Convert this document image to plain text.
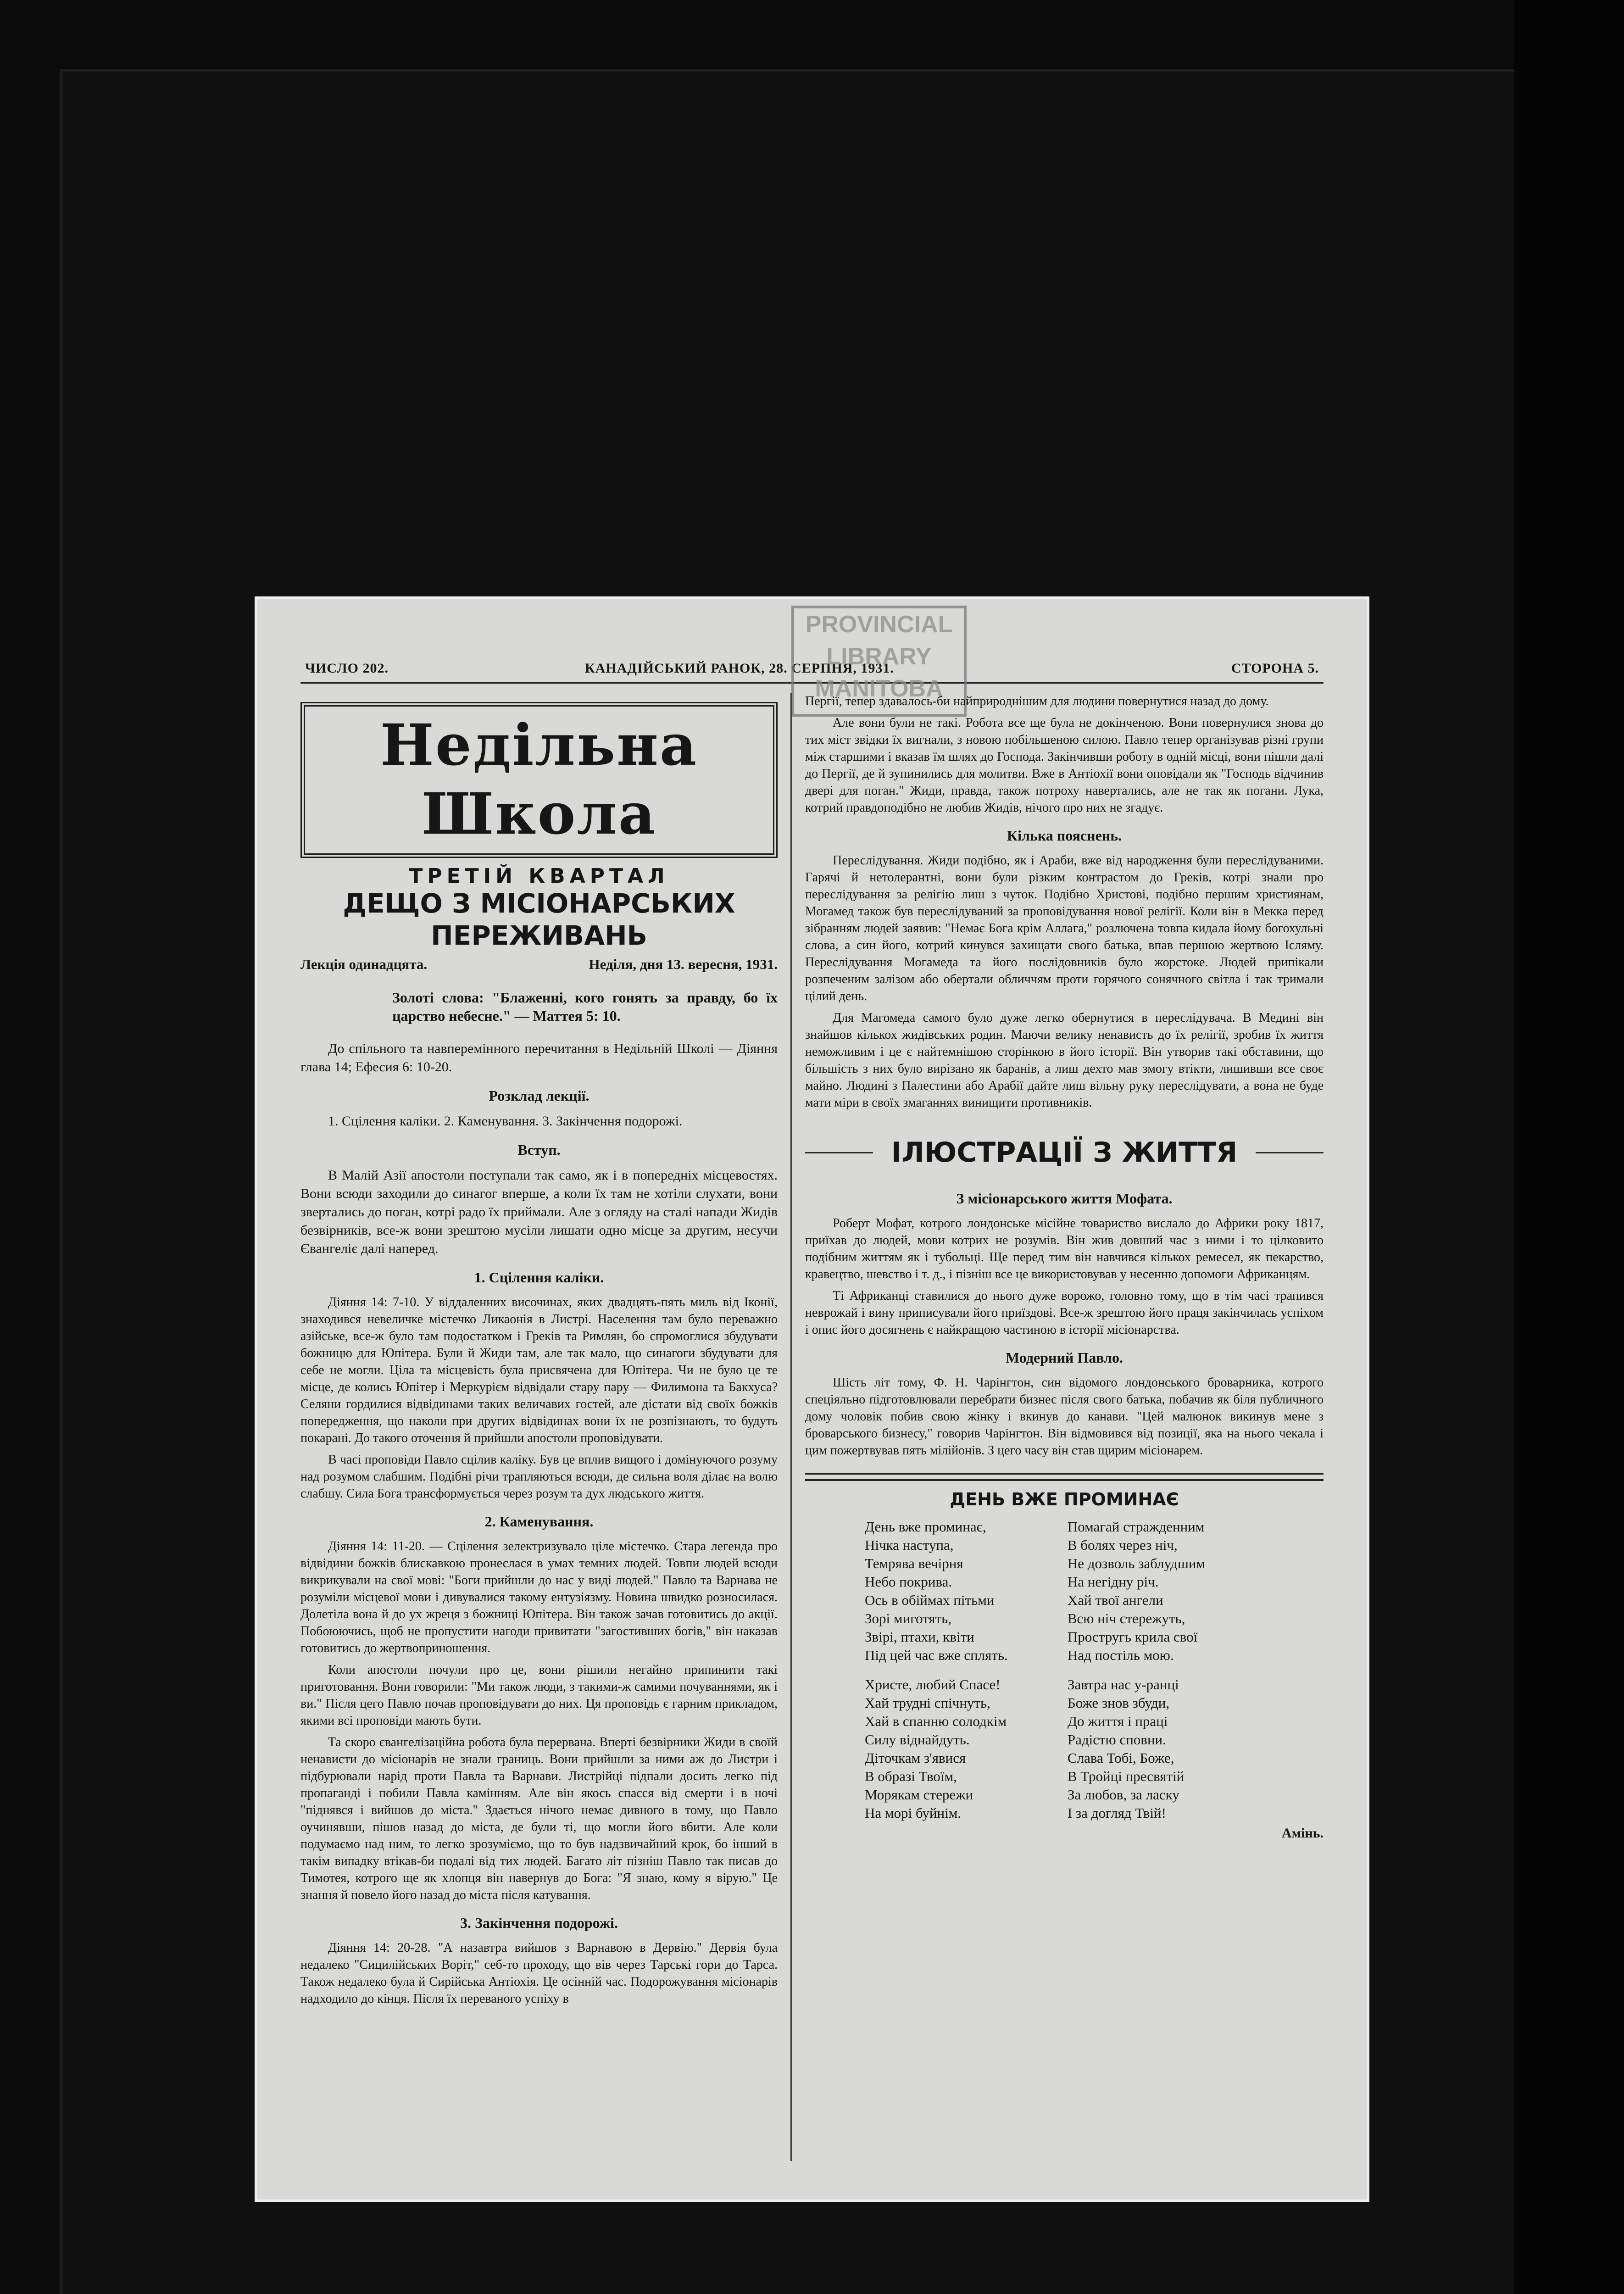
ЧИСЛО 202.	КАНАДІЙСЬКИЙ РАНОК, 28. СЕРПНЯ, 1931.	СТОРОНА 5.
PROVINCIAL
LIBRARY
MANITOBA
Недільна Школа
ТРЕТІЙ КВАРТАЛ
ДЕЩО З МІСІОНАРСЬКИХ ПЕРЕЖИВАНЬ
Лекція одинадцята.	Неділя, дня 13. вересня, 1931.

Золоті слова: "Блаженні, кого гонять за правду, бо їх царство небесне." — Маттея 5: 10.

До спільного та навперемінного перечитання в Недільній Школі — Діяння глава 14; Ефесия 6: 10-20.

Розклад лекції.

1. Сцілення каліки. 2. Каменування. 3. Закінчення подорожі.

Вступ.

В Малій Азії апостоли поступали так само, як і в попередніх місцевостях. Вони всюди заходили до синагог вперше, а коли їх там не хотіли слухати, вони звертались до поган, котрі радо їх приймали. Але з огляду на сталі напади Жидів безвірників, все-ж вони зрештою мусіли лишати одно місце за другим, несучи Євангеліє далі наперед.

1. Сцілення каліки.

Діяння 14: 7-10. У віддаленних височинах, яких двадцять-пять миль від Іконії, знаходився невеличке містечко Ликаонія в Листрі. Населення там було переважно азійське, все-ж було там подостатком і Греків та Римлян, бо спромоглися збудувати божницю для Юпітера. Були й Жиди там, але так мало, що синагоги збудувати для себе не могли. Ціла та місцевість була присвячена для Юпітера. Чи не було це те місце, де колись Юпітер і Меркурієм відвідали стару пару — Филимона та Бакхуса? Селяни гордилися відвідинами таких величавих гостей, але дістати від своїх божків попередження, що наколи при других відвідинах вони їх не розпізнають, то будуть покарані. До такого оточення й прийшли апостоли проповідувати.

В часі проповіди Павло сцілив каліку. Був це вплив вищого і домінуючого розуму над розумом слабшим. Подібні річи трапляються всюди, де сильна воля ділає на волю слабшу. Сила Бога трансформується через розум та дух людського життя.

2. Каменування.

Діяння 14: 11-20. — Сцілення зелектризувало ціле містечко. Стара легенда про відвідини божків блискавкою пронеслася в умах темних людей. Товпи людей всюди викрикували на свої мові: "Боги прийшли до нас у виді людей." Павло та Варнава не розуміли місцевої мови і дивувалися такому ентузіязму. Новина швидко розносилася. Долетіла вона й до ух жреця з божниці Юпітера. Він також зачав готовитись до акції. Побоюючись, щоб не пропустити нагоди привитати "загостивших богів," він наказав готовитись до жертвоприношення.

Коли апостоли почули про це, вони рішили негайно припинити такі приготовання. Вони говорили: "Ми також люди, з такими-ж самими почуваннями, як і ви." Після цего Павло почав проповідувати до них. Ця проповідь є гарним прикладом, якими всі проповіди мають бути.

Та скоро євангелізаційна робота була перервана. Вперті безвірники Жиди в своїй ненависти до місіонарів не знали границь. Вони прийшли за ними аж до Листри і підбурювали нарід проти Павла та Варнави. Листрійці підпали досить легко під пропаганді і побили Павла камінням. Але він якось спасся від смерти і в ночі "піднявся і вийшов до міста." Здається нічого немає дивного в тому, що Павло оучинявши, пішов назад до міста, де були ті, що могли його вбити. Але коли подумаємо над ним, то легко зрозуміємо, що то був надзвичайний крок, бо інший в такім випадку втікав-би подалі від тих людей. Багато літ пізніш Павло так писав до Тимотея, котрого ще як хлопця він навернув до Бога: "Я знаю, кому я вірую." Це знання й повело його назад до міста після катування.

3. Закінчення подорожі.

Діяння 14: 20-28. "А назавтра вийшов з Варнавою в Дервію." Дервія була недалеко "Сицилійських Воріт," себ-то проходу, що вів через Тарські гори до Тарса. Також недалеко була й Сирійська Антіохія. Це осінній час. Подорожування місіонарів надходило до кінця. Після їх переваного успіху в

Пергії, тепер здавалось-би найприроднішим для людини повернутися назад до дому.

Але вони були не такі. Робота все ще була не докінченою. Вони повернулися знова до тих міст звідки їх вигнали, з новою побільшеною силою. Павло тепер організував різні групи між старшими і вказав їм шлях до Господа. Закінчивши роботу в одній місці, вони пішли далі до Пергії, де й зупинились для молитви. Вже в Антіохії вони оповідали як "Господь відчинив двері для поган." Жиди, правда, також потроху навертались, але не так як погани. Лука, котрий правдоподібно не любив Жидів, нічого про них не згадує.

Кілька пояснень.

Переслідування. Жиди подібно, як і Араби, вже від народження були переслідуваними. Гарячі й нетолерантні, вони були різким контрастом до Греків, котрі знали про переслідування за релігію лиш з чуток. Подібно Христові, подібно першим християнам, Могамед також був переслідуваний за проповідування нової релігії. Коли він в Мекка перед зібранням людей заявив: "Немає Бога крім Аллага," розлючена товпа кидала йому богохульні слова, а син його, котрий кинувся захищати свого батька, впав першою жертвою Ісляму. Переслідування Могамеда та його послідовників було жорстоке. Людей припікали розпеченим залізом або обертали обличчям проти горячого сонячного світла і так тримали цілий день.

Для Магомеда самого було дуже легко обернутися в переслідувача. В Медині він знайшов кількох жидівських родин. Маючи велику ненависть до їх релігії, зробив їх життя неможливим і це є найтемнішою сторінкою в його історії. Він утворив такі обставини, що більшість з них було вирізано як баранів, а лиш дехто мав змогу втікти, лишивши все своє майно. Людині з Палестини або Арабії дайте лиш вільну руку переслідувати, а вона не буде мати міри в своїх змаганнях винищити противників.

ІЛЮСТРАЦІЇ З ЖИТТЯ
З місіонарського життя Мофата.

Роберт Мофат, котрого лондонське місійне товариство вислало до Африки року 1817, приїхав до людей, мови котрих не розумів. Він жив довший час з ними і то цілковито подібним життям як і тубольці. Ще перед тим він навчився кількох ремесел, як пекарство, кравецтво, шевство і т. д., і пізніш все це використовував у несенню допомоги Африканцям.

Ті Африканці ставилися до нього дуже ворожо, головно тому, що в тім часі трапився неврожай і вину приписували його приїздові. Все-ж зрештою його праця закінчилась успіхом і опис його досягнень є найкращою частиною в історії місіонарства.

Модерний Павло.

Шість літ тому, Ф. Н. Чарінгтон, син відомого лондонського броварника, котрого спеціяльно підготовлювали перебрати бизнес після свого батька, побачив як біля публичного дому чоловік побив свою жінку і вкинув до канави. "Цей малюнок викинув мене з броварського бизнесу," говорив Чарінгтон. Він відмовився від позиції, яка на нього чекала і цим пожертвував пять мілійонів. З цего часу він став щирим місіонарем.

ДЕНЬ ВЖЕ ПРОМИНАЄ
День вже проминає,
Нічка наступа,
Темрява вечірня
Небо покрива.
Ось в обіймах пітьми
Зорі миготять,
Звірі, птахи, квіти
Під цей час вже сплять.
Христе, любий Спасе!
Хай трудні спічнуть,
Хай в спанню солодкім
Силу віднайдуть.
Діточкам з'явися
В образі Твоїм,
Морякам стережи
На морі буйнім.
Помагай стражденним
В болях через ніч,
Не дозволь заблудшим
На негідну річ.
Хай твої ангели
Всю ніч стережуть,
Простругь крила свої
Над постіль мою.
Завтра нас у-ранці
Боже знов збуди,
До життя і праці
Радістю сповни.
Слава Тобі, Боже,
В Тройці пресвятій
За любов, за ласку
І за догляд Твій!
Амінь.
